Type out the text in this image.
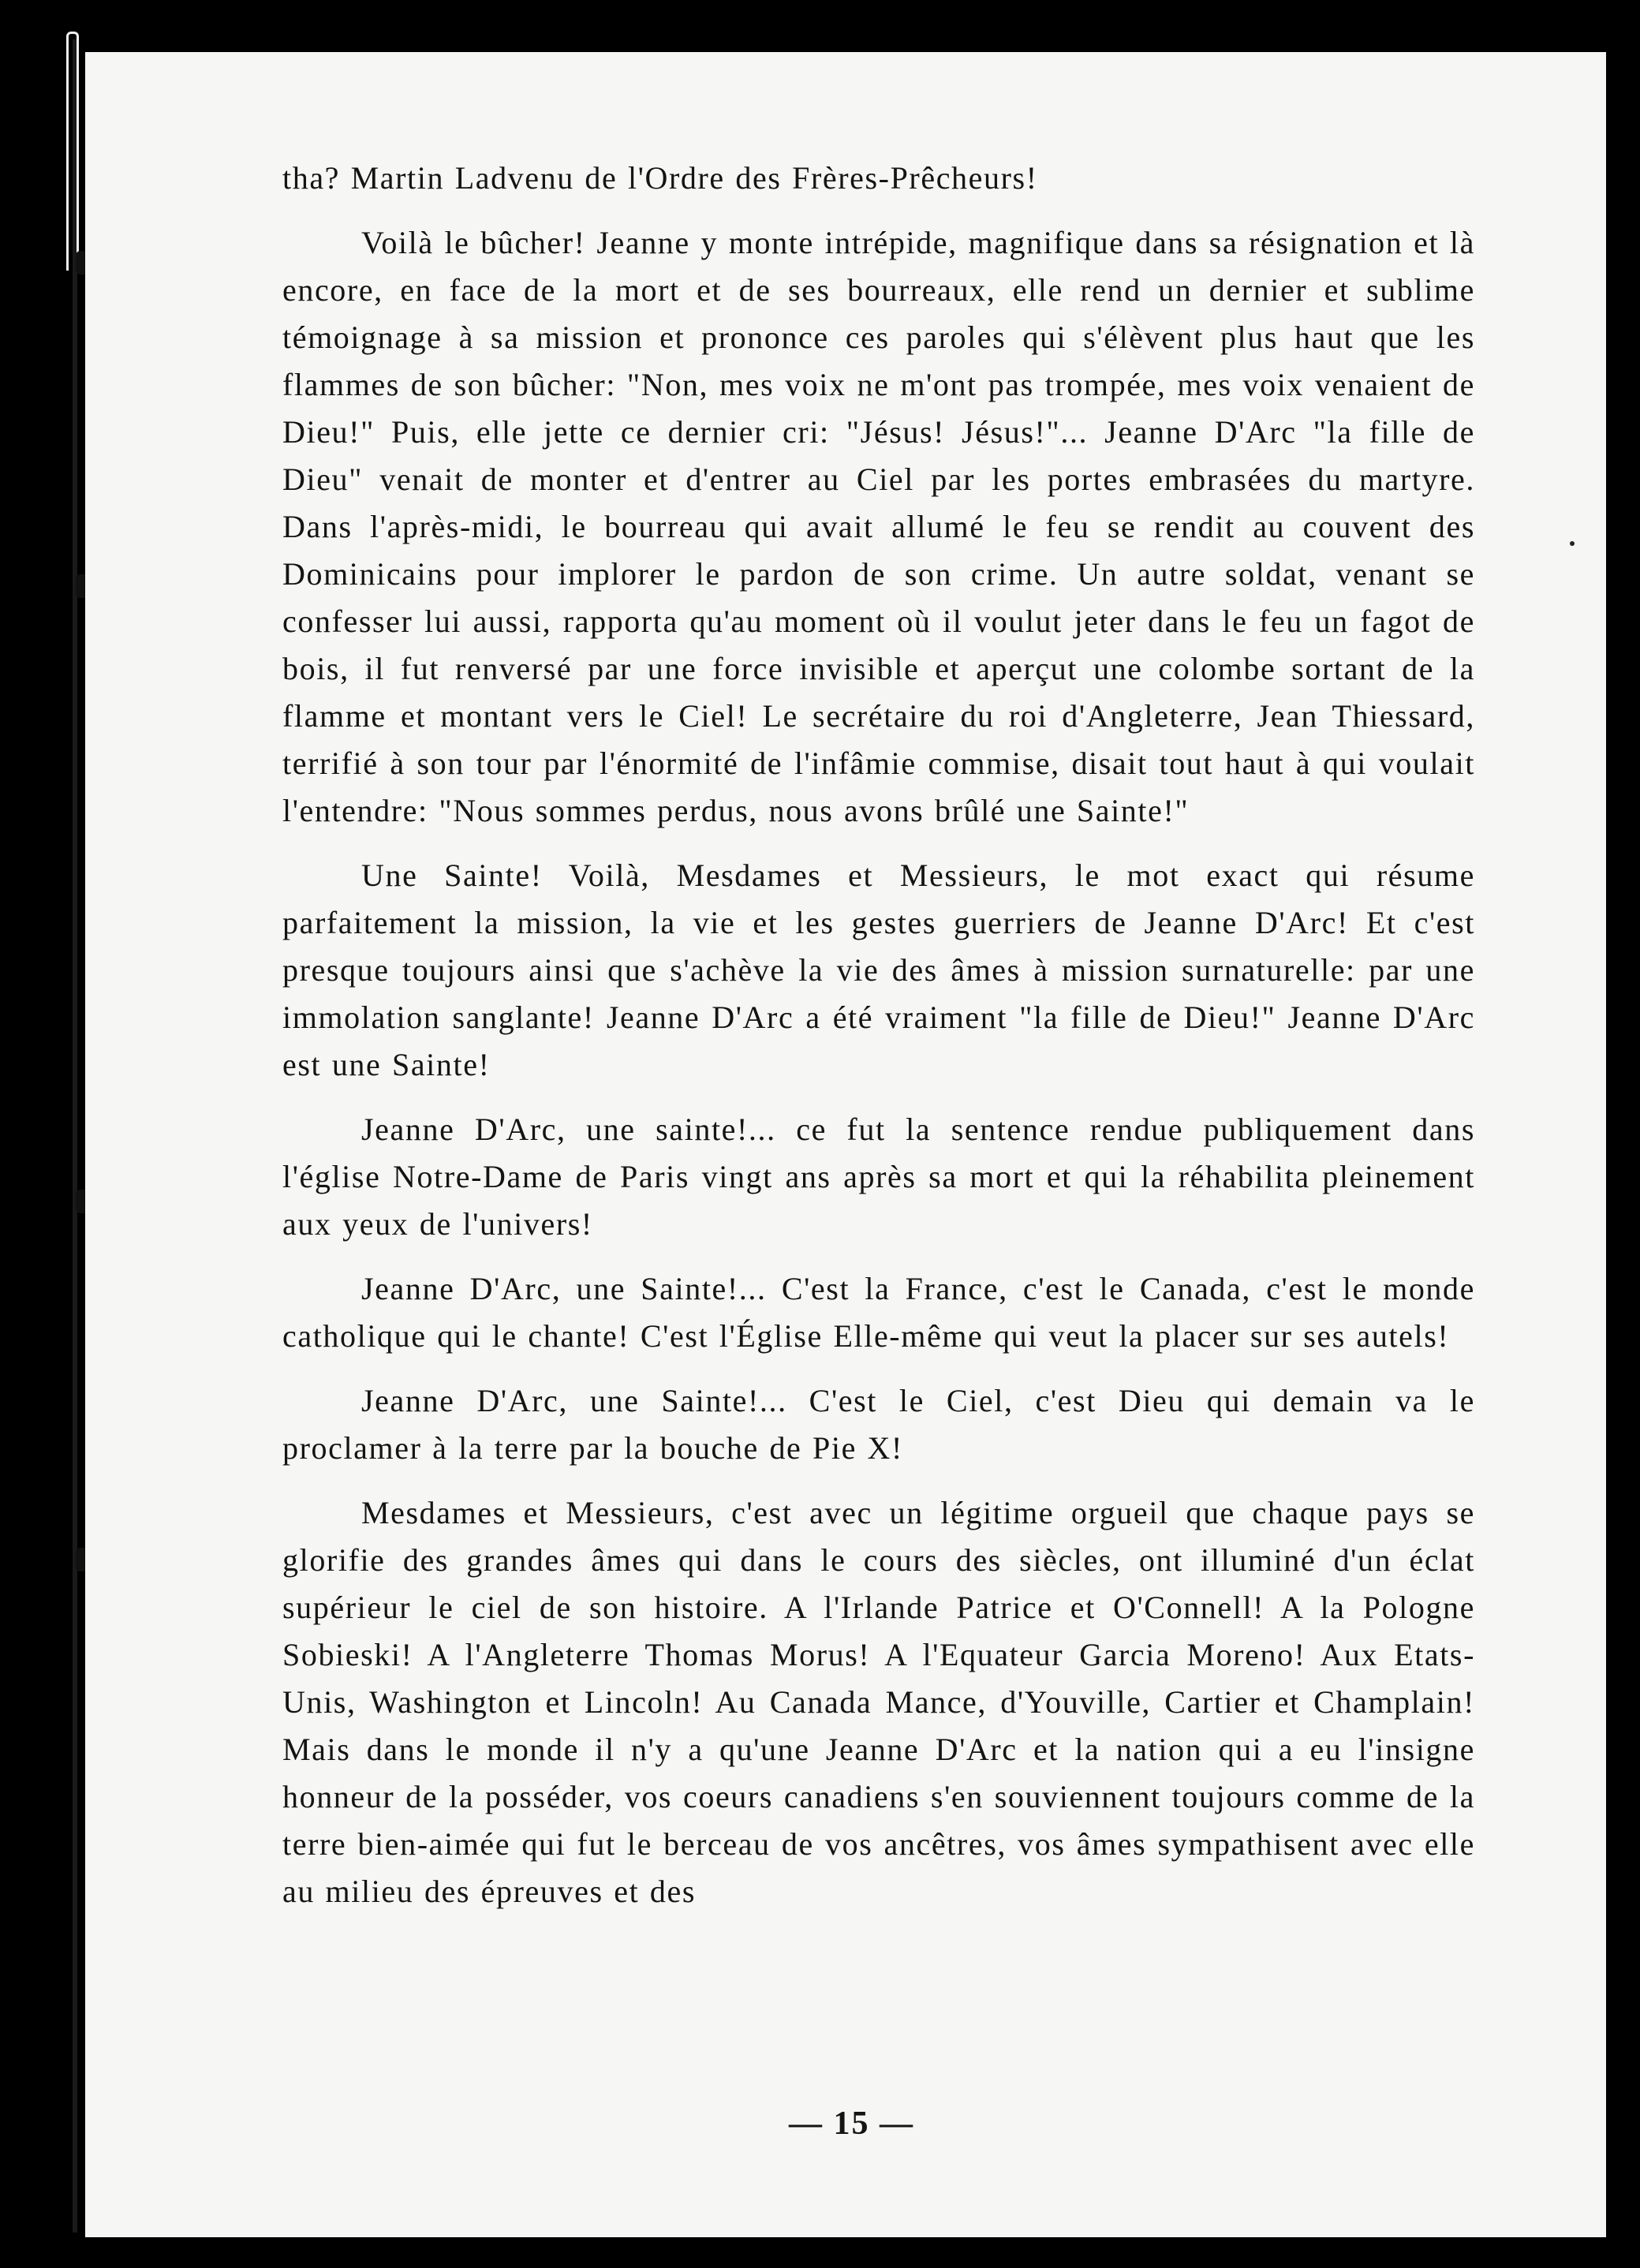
tha? Martin Ladvenu de l'Ordre des Frères-Prêcheurs!

Voilà le bûcher! Jeanne y monte intrépide, magnifique dans sa résignation et là encore, en face de la mort et de ses bourreaux, elle rend un dernier et sublime témoignage à sa mission et prononce ces paroles qui s'élèvent plus haut que les flammes de son bûcher: "Non, mes voix ne m'ont pas trompée, mes voix venaient de Dieu!" Puis, elle jette ce dernier cri: "Jésus! Jésus!"... Jeanne D'Arc "la fille de Dieu" venait de monter et d'entrer au Ciel par les portes embrasées du martyre. Dans l'après-midi, le bourreau qui avait allumé le feu se rendit au couvent des Dominicains pour implorer le pardon de son crime. Un autre soldat, venant se confesser lui aussi, rapporta qu'au moment où il voulut jeter dans le feu un fagot de bois, il fut renversé par une force invisible et aperçut une colombe sortant de la flamme et montant vers le Ciel! Le secrétaire du roi d'Angleterre, Jean Thiessard, terrifié à son tour par l'énormité de l'infâmie commise, disait tout haut à qui voulait l'entendre: "Nous sommes perdus, nous avons brûlé une Sainte!"

Une Sainte! Voilà, Mesdames et Messieurs, le mot exact qui résume parfaitement la mission, la vie et les gestes guerriers de Jeanne D'Arc! Et c'est presque toujours ainsi que s'achève la vie des âmes à mission surnaturelle: par une immolation sanglante! Jeanne D'Arc a été vraiment "la fille de Dieu!" Jeanne D'Arc est une Sainte!

Jeanne D'Arc, une sainte!... ce fut la sentence rendue publiquement dans l'église Notre-Dame de Paris vingt ans après sa mort et qui la réhabilita pleinement aux yeux de l'univers!

Jeanne D'Arc, une Sainte!... C'est la France, c'est le Canada, c'est le monde catholique qui le chante! C'est l'Église Elle-même qui veut la placer sur ses autels!

Jeanne D'Arc, une Sainte!... C'est le Ciel, c'est Dieu qui demain va le proclamer à la terre par la bouche de Pie X!

Mesdames et Messieurs, c'est avec un légitime orgueil que chaque pays se glorifie des grandes âmes qui dans le cours des siècles, ont illuminé d'un éclat supérieur le ciel de son histoire. A l'Irlande Patrice et O'Connell! A la Pologne Sobieski! A l'Angleterre Thomas Morus! A l'Equateur Garcia Moreno! Aux Etats-Unis, Washington et Lincoln! Au Canada Mance, d'Youville, Cartier et Champlain! Mais dans le monde il n'y a qu'une Jeanne D'Arc et la nation qui a eu l'insigne honneur de la posséder, vos coeurs canadiens s'en souviennent toujours comme de la terre bien-aimée qui fut le berceau de vos ancêtres, vos âmes sympathisent avec elle au milieu des épreuves et des

— 15 —
